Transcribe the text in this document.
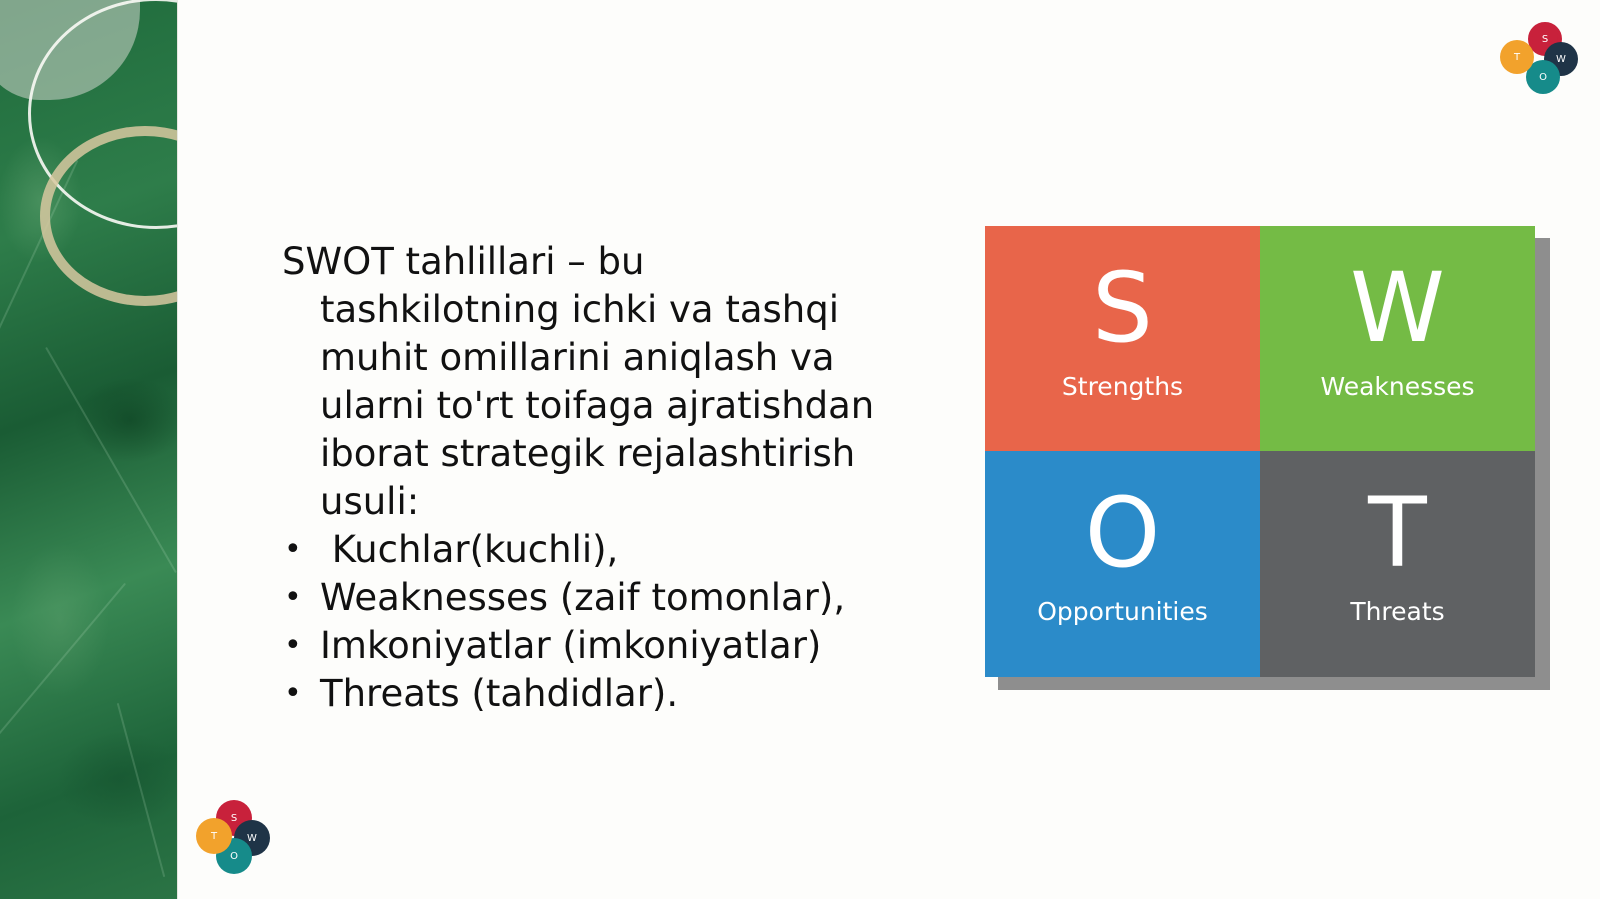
S
W
O
T
S
W
O
T

SWOT tahlillari – bu tashkilotning ichki va tashqi muhit omillarini aniqlash va ularni to'rt toifaga ajratishdan iborat strategik rejalashtirish usuli:

• Kuchlar(kuchli),
• Weaknesses (zaif tomonlar),
• Imkoniyatlar (imkoniyatlar)
• Threats (tahdidlar).
S
Strengths
W
Weaknesses
O
Opportunities
T
Threats
